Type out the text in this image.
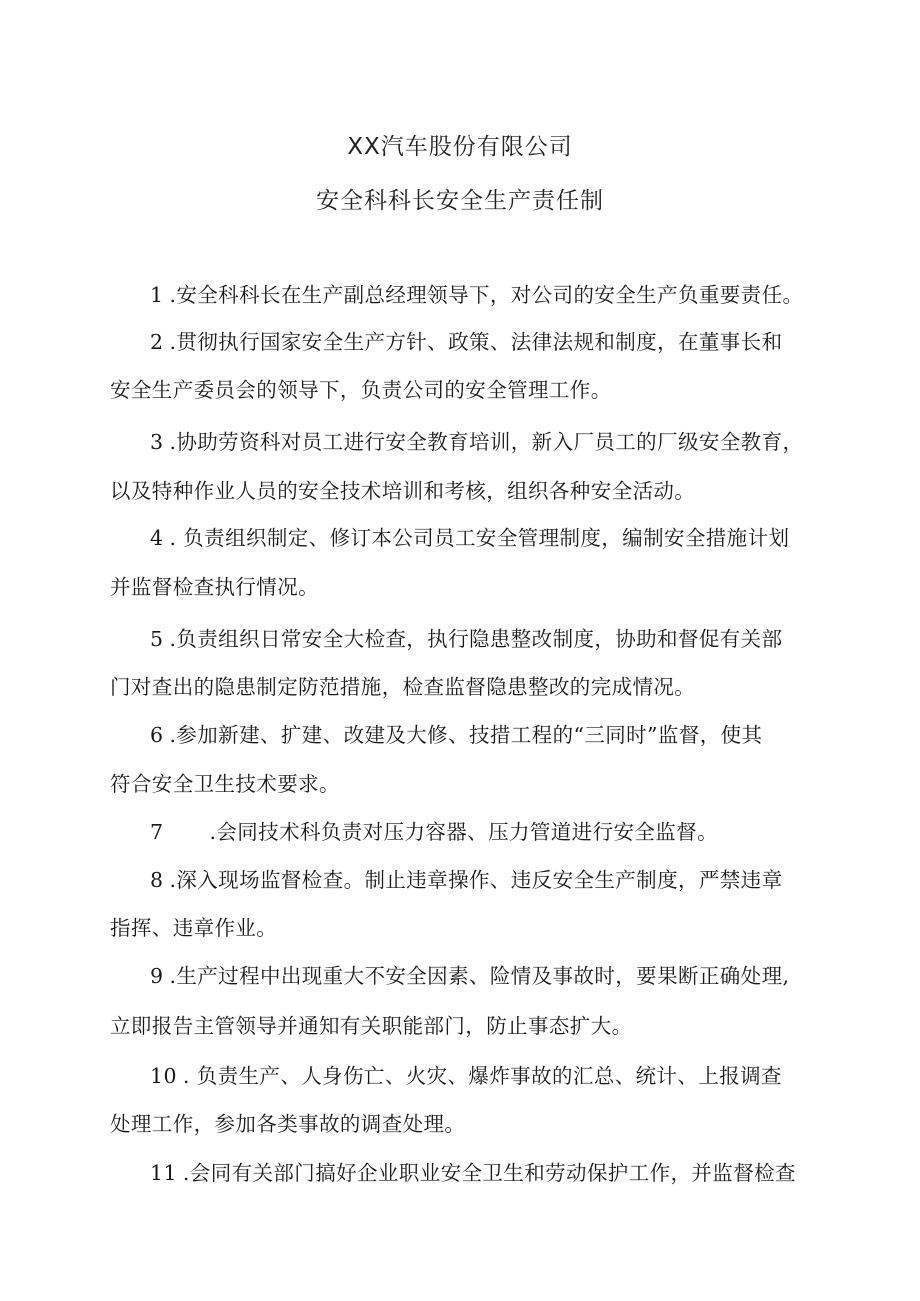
XX汽车股份有限公司
安全科科长安全生产责任制
1 .安全科科长在生产副总经理领导下，对公司的安全生产负重要责任。
2 .贯彻执行国家安全生产方针、政策、法律法规和制度，在董事长和
安全生产委员会的领导下，负责公司的安全管理工作。
3 .协助劳资科对员工进行安全教育培训，新入厂员工的厂级安全教育，
以及特种作业人员的安全技术培训和考核，组织各种安全活动。
4 . 负责组织制定、修订本公司员工安全管理制度，编制安全措施计划
并监督检查执行情况。
5 .负责组织日常安全大检查，执行隐患整改制度，协助和督促有关部
门对查出的隐患制定防范措施，检查监督隐患整改的完成情况。
6 .参加新建、扩建、改建及大修、技措工程的“三同时”监督，使其
符合安全卫生技术要求。
7 .会同技术科负责对压力容器、压力管道进行安全监督。
8 .深入现场监督检查。制止违章操作、违反安全生产制度，严禁违章
指挥、违章作业。
9 .生产过程中出现重大不安全因素、险情及事故时，要果断正确处理,
立即报告主管领导并通知有关职能部门，防止事态扩大。
10 . 负责生产、人身伤亡、火灾、爆炸事故的汇总、统计、上报调查
处理工作，参加各类事故的调查处理。
11 .会同有关部门搞好企业职业安全卫生和劳动保护工作，并监督检查
